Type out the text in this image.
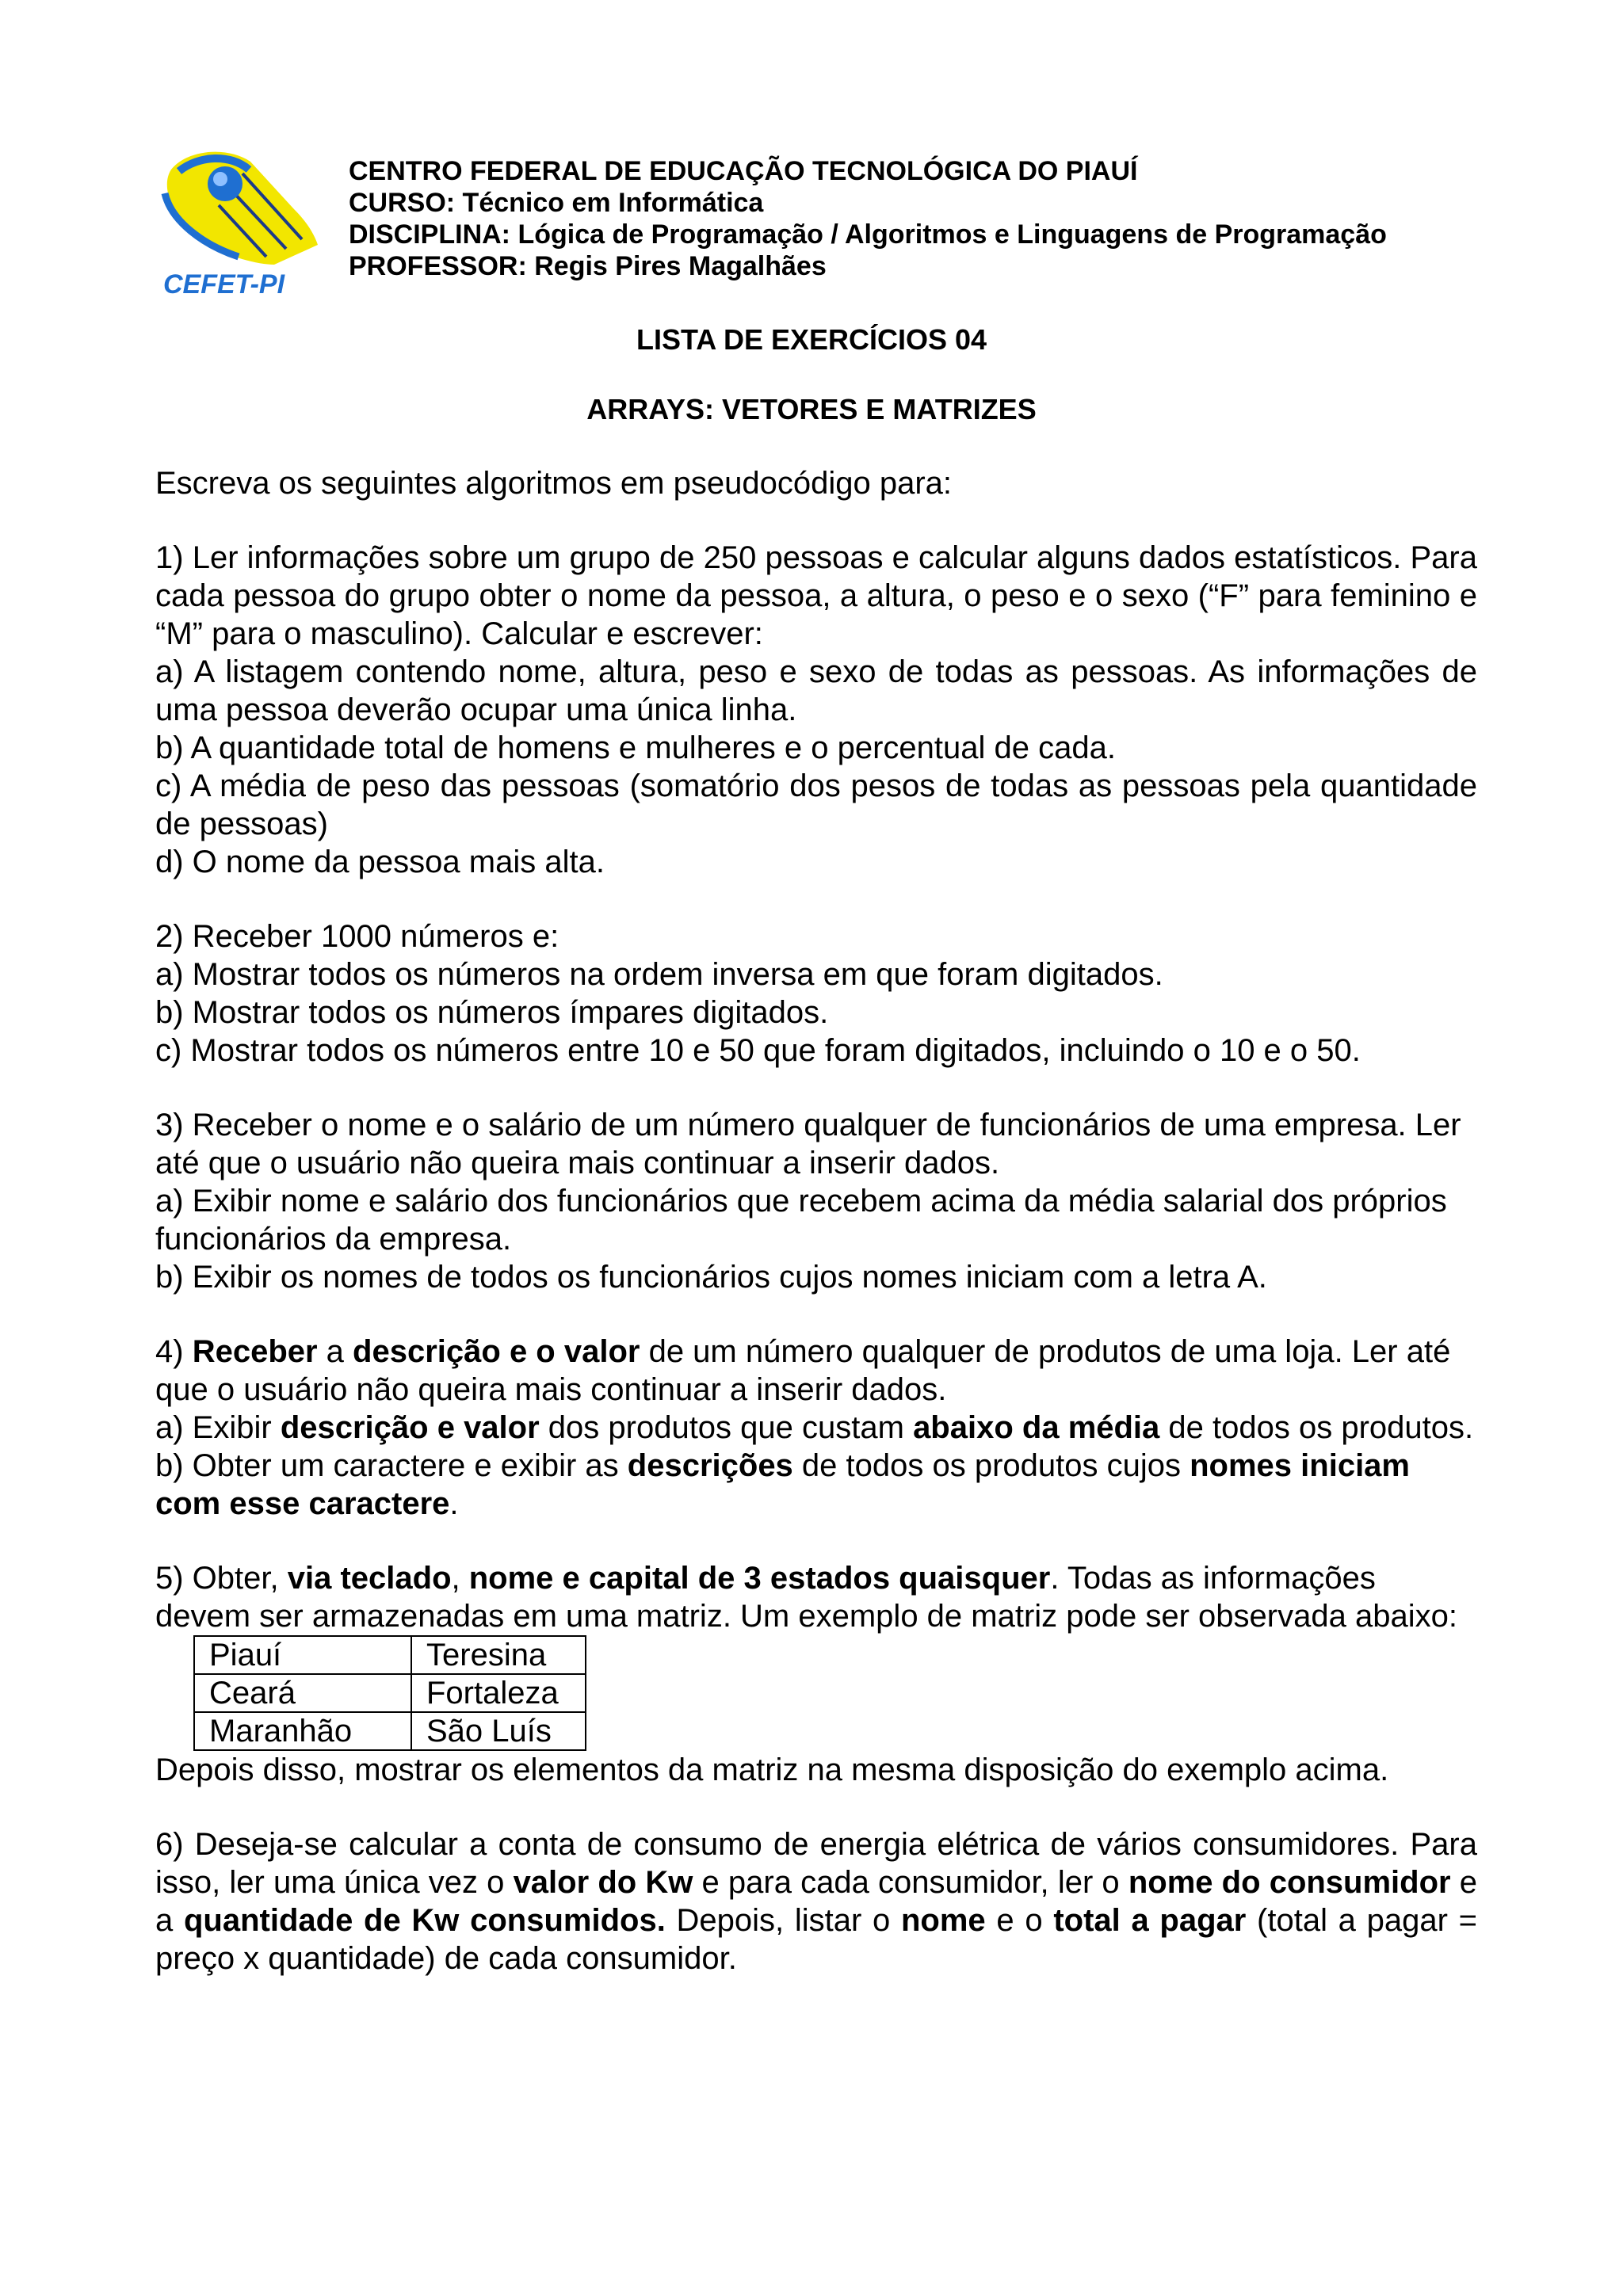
CEFET-PI
CENTRO FEDERAL DE EDUCAÇÃO TECNOLÓGICA DO PIAUÍ
CURSO: Técnico em Informática
DISCIPLINA: Lógica de Programação / Algoritmos e Linguagens de Programação
PROFESSOR: Regis Pires Magalhães
LISTA DE EXERCÍCIOS 04
ARRAYS: VETORES E MATRIZES

Escreva os seguintes algoritmos em pseudocódigo para:

1) Ler informações sobre um grupo de 250 pessoas e calcular alguns dados estatísticos. Para cada pessoa do grupo obter o nome da pessoa, a altura, o peso e o sexo (“F” para feminino e “M” para o masculino). Calcular e escrever:

a) A listagem contendo nome, altura, peso e sexo de todas as pessoas. As informações de uma pessoa deverão ocupar uma única linha.

b) A quantidade total de homens e mulheres e o percentual de cada.

c) A média de peso das pessoas (somatório dos pesos de todas as pessoas pela quantidade de pessoas)

d) O nome da pessoa mais alta.

2) Receber 1000 números e:

a) Mostrar todos os números na ordem inversa em que foram digitados.

b) Mostrar todos os números ímpares digitados.

c) Mostrar todos os números entre 10 e 50 que foram digitados, incluindo o 10 e o 50.

3) Receber o nome e o salário de um número qualquer de funcionários de uma empresa. Ler até que o usuário não queira mais continuar a inserir dados.

a) Exibir nome e salário dos funcionários que recebem acima da média salarial dos próprios funcionários da empresa.

b) Exibir os nomes de todos os funcionários cujos nomes iniciam com a letra A.

4) Receber a descrição e o valor de um número qualquer de produtos de uma loja. Ler até que o usuário não queira mais continuar a inserir dados.

a) Exibir descrição e valor dos produtos que custam abaixo da média de todos os produtos.

b) Obter um caractere e exibir as descrições de todos os produtos cujos nomes iniciam com esse caractere.

5) Obter, via teclado, nome e capital de 3 estados quaisquer. Todas as informações devem ser armazenadas em uma matriz. Um exemplo de matriz pode ser observada abaixo:

Piauí	Teresina
Ceará	Fortaleza
Maranhão	São Luís

Depois disso, mostrar os elementos da matriz na mesma disposição do exemplo acima.

6) Deseja-se calcular a conta de consumo de energia elétrica de vários consumidores. Para isso, ler uma única vez o valor do Kw e para cada consumidor, ler o nome do consumidor e a quantidade de Kw consumidos. Depois, listar o nome e o total a pagar (total a pagar = preço x quantidade) de cada consumidor.
